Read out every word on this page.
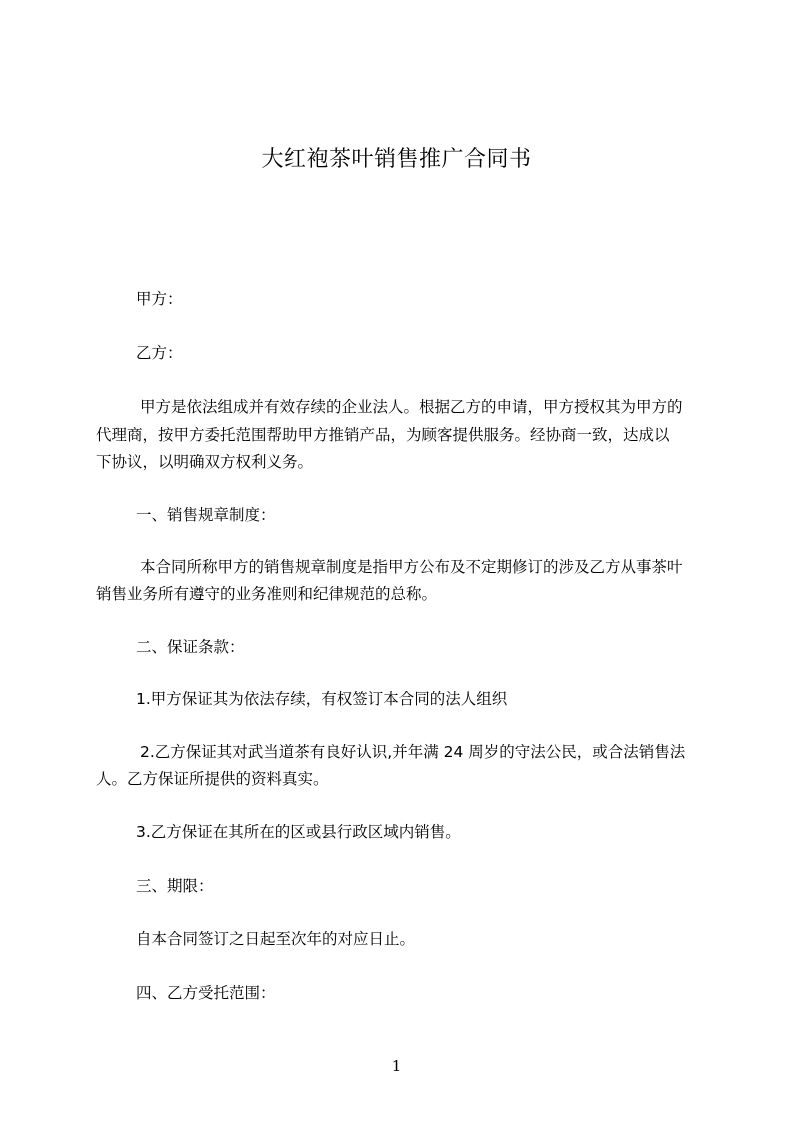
大红袍茶叶销售推广合同书
甲方：
乙方：
甲方是依法组成并有效存续的企业法人。根据乙方的申请，甲方授权其为甲方的
代理商，按甲方委托范围帮助甲方推销产品，为顾客提供服务。经协商一致，达成以
下协议，以明确双方权利义务。
一、销售规章制度：
本合同所称甲方的销售规章制度是指甲方公布及不定期修订的涉及乙方从事茶叶
销售业务所有遵守的业务准则和纪律规范的总称。
二、保证条款：
1.甲方保证其为依法存续，有权签订本合同的法人组织
2.乙方保证其对武当道茶有良好认识,并年满 24 周岁的守法公民，或合法销售法
人。乙方保证所提供的资料真实。
3.乙方保证在其所在的区或县行政区域内销售。
三、期限：
自本合同签订之日起至次年的对应日止。
四、乙方受托范围：
1
